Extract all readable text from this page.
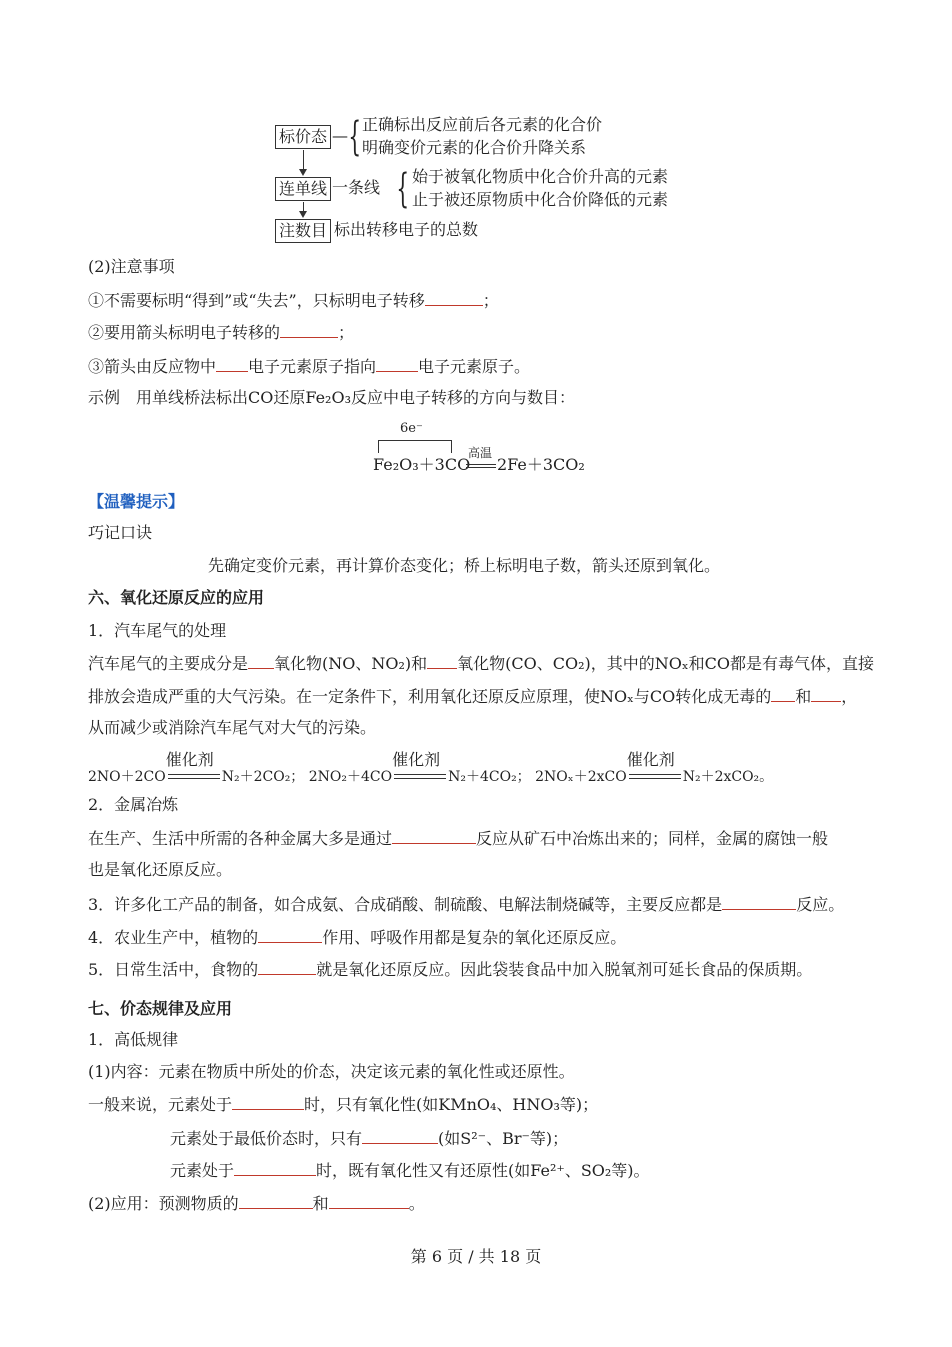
标价态 — { 正确标出反应前后各元素的化合价
明确变价元素的化合价升降关系
连单线 一条线 { 始于被氧化物质中化合价升高的元素
止于被还原物质中化合价降低的元素
注数目 标出转移电子的总数
(2)注意事项
①不需要标明“得到”或“失去”，只标明电子转移	；
②要用箭头标明电子转移的	；
③箭头由反应物中 电子元素原子指向	电子元素原子。
示例　用单线桥法标出CO还原Fe₂O₃反应中电子转移的方向与数目：
6e⁻
Fe₂O₃＋3CO
高温
2Fe＋3CO₂
【温馨提示】
巧记口诀
先确定变价元素，再计算价态变化；桥上标明电子数，箭头还原到氧化。
六、氧化还原反应的应用
1．汽车尾气的处理
汽车尾气的主要成分是 氧化物(NO、NO₂)和 氧化物(CO、CO₂)，其中的NOₓ和CO都是有毒气体，直接
排放会造成严重的大气污染。在一定条件下，利用氧化还原反应原理，使NOₓ与CO转化成无毒的 和 ，
从而减少或消除汽车尾气对大气的污染。
2NO＋2CO
催化剂
N₂＋2CO₂； 2NO₂＋4CO
催化剂
N₂＋4CO₂； 2NOₓ＋2xCO
催化剂
N₂＋2xCO₂。
2．金属冶炼
在生产、生活中所需的各种金属大多是通过	反应从矿石中冶炼出来的；同样，金属的腐蚀一般
也是氧化还原反应。
3．许多化工产品的制备，如合成氨、合成硝酸、制硫酸、电解法制烧碱等，主要反应都是	反应。
4．农业生产中，植物的	作用、呼吸作用都是复杂的氧化还原反应。
5．日常生活中，食物的	就是氧化还原反应。因此袋装食品中加入脱氧剂可延长食品的保质期。
七、价态规律及应用
1．高低规律
(1)内容：元素在物质中所处的价态，决定该元素的氧化性或还原性。
一般来说，元素处于	时，只有氧化性(如KMnO₄、HNO₃等)；
元素处于最低价态时，只有	(如S²⁻、Br⁻等)；
元素处于	时，既有氧化性又有还原性(如Fe²⁺、SO₂等)。
(2)应用：预测物质的	和	。
第 6 页 / 共 18 页
